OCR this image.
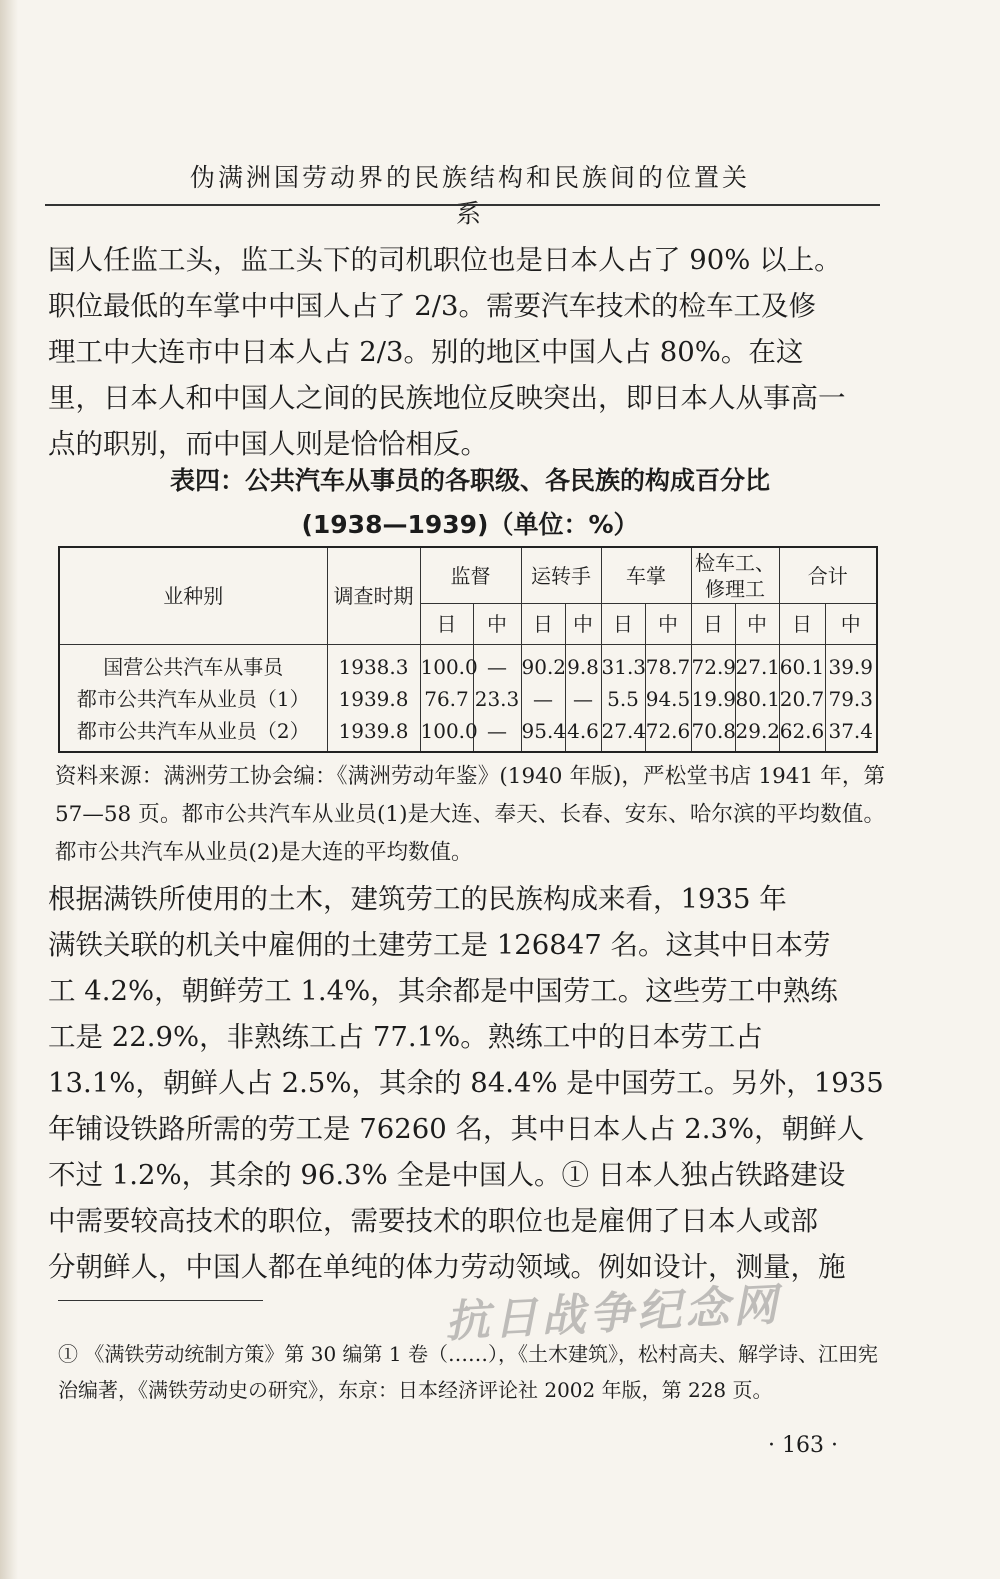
伪满洲国劳动界的民族结构和民族间的位置关系

国人任监工头，监工头下的司机职位也是日本人占了 90% 以上。

职位最低的车掌中中国人占了 2/3。需要汽车技术的检车工及修

理工中大连市中日本人占 2/3。别的地区中国人占 80%。在这

里，日本人和中国人之间的民族地位反映突出，即日本人从事高一

点的职别，而中国人则是恰恰相反。

表四：公共汽车从事员的各职级、各民族的构成百分比
(1938—1939)（单位：%）
业种别	调查时期	监督		运转手		车掌		检车工、修理工		合计	
		日	中	日	中	日	中	日	中	日	中
国营公共汽车从事员	1938.3	100.0	—	90.2	9.8	31.3	78.7	72.9	27.1	60.1	39.9
都市公共汽车从业员（1）	1939.8	76.7	23.3	—	—	5.5	94.5	19.9	80.1	20.7	79.3
都市公共汽车从业员（2）	1939.8	100.0	—	95.4	4.6	27.4	72.6	70.8	29.2	62.6	37.4

资料来源：满洲劳工协会编：《满洲劳动年鉴》(1940 年版)，严松堂书店 1941 年，第 57—58 页。都市公共汽车从业员(1)是大连、奉天、长春、安东、哈尔滨的平均数值。都市公共汽车从业员(2)是大连的平均数值。

根据满铁所使用的土木，建筑劳工的民族构成来看，1935 年

满铁关联的机关中雇佣的土建劳工是 126847 名。这其中日本劳

工 4.2%，朝鲜劳工 1.4%，其余都是中国劳工。这些劳工中熟练

工是 22.9%，非熟练工占 77.1%。熟练工中的日本劳工占

13.1%，朝鲜人占 2.5%，其余的 84.4% 是中国劳工。另外，1935

年铺设铁路所需的劳工是 76260 名，其中日本人占 2.3%，朝鲜人

不过 1.2%，其余的 96.3% 全是中国人。① 日本人独占铁路建设

中需要较高技术的职位，需要技术的职位也是雇佣了日本人或部

分朝鲜人，中国人都在单纯的体力劳动领域。例如设计，测量，施

抗日战争纪念网

① 《满铁劳动统制方策》第 30 编第 1 卷（……），《土木建筑》，松村高夫、解学诗、江田宪治编著，《满铁劳动史の研究》，东京：日本经济评论社 2002 年版，第 228 页。

· 163 ·
